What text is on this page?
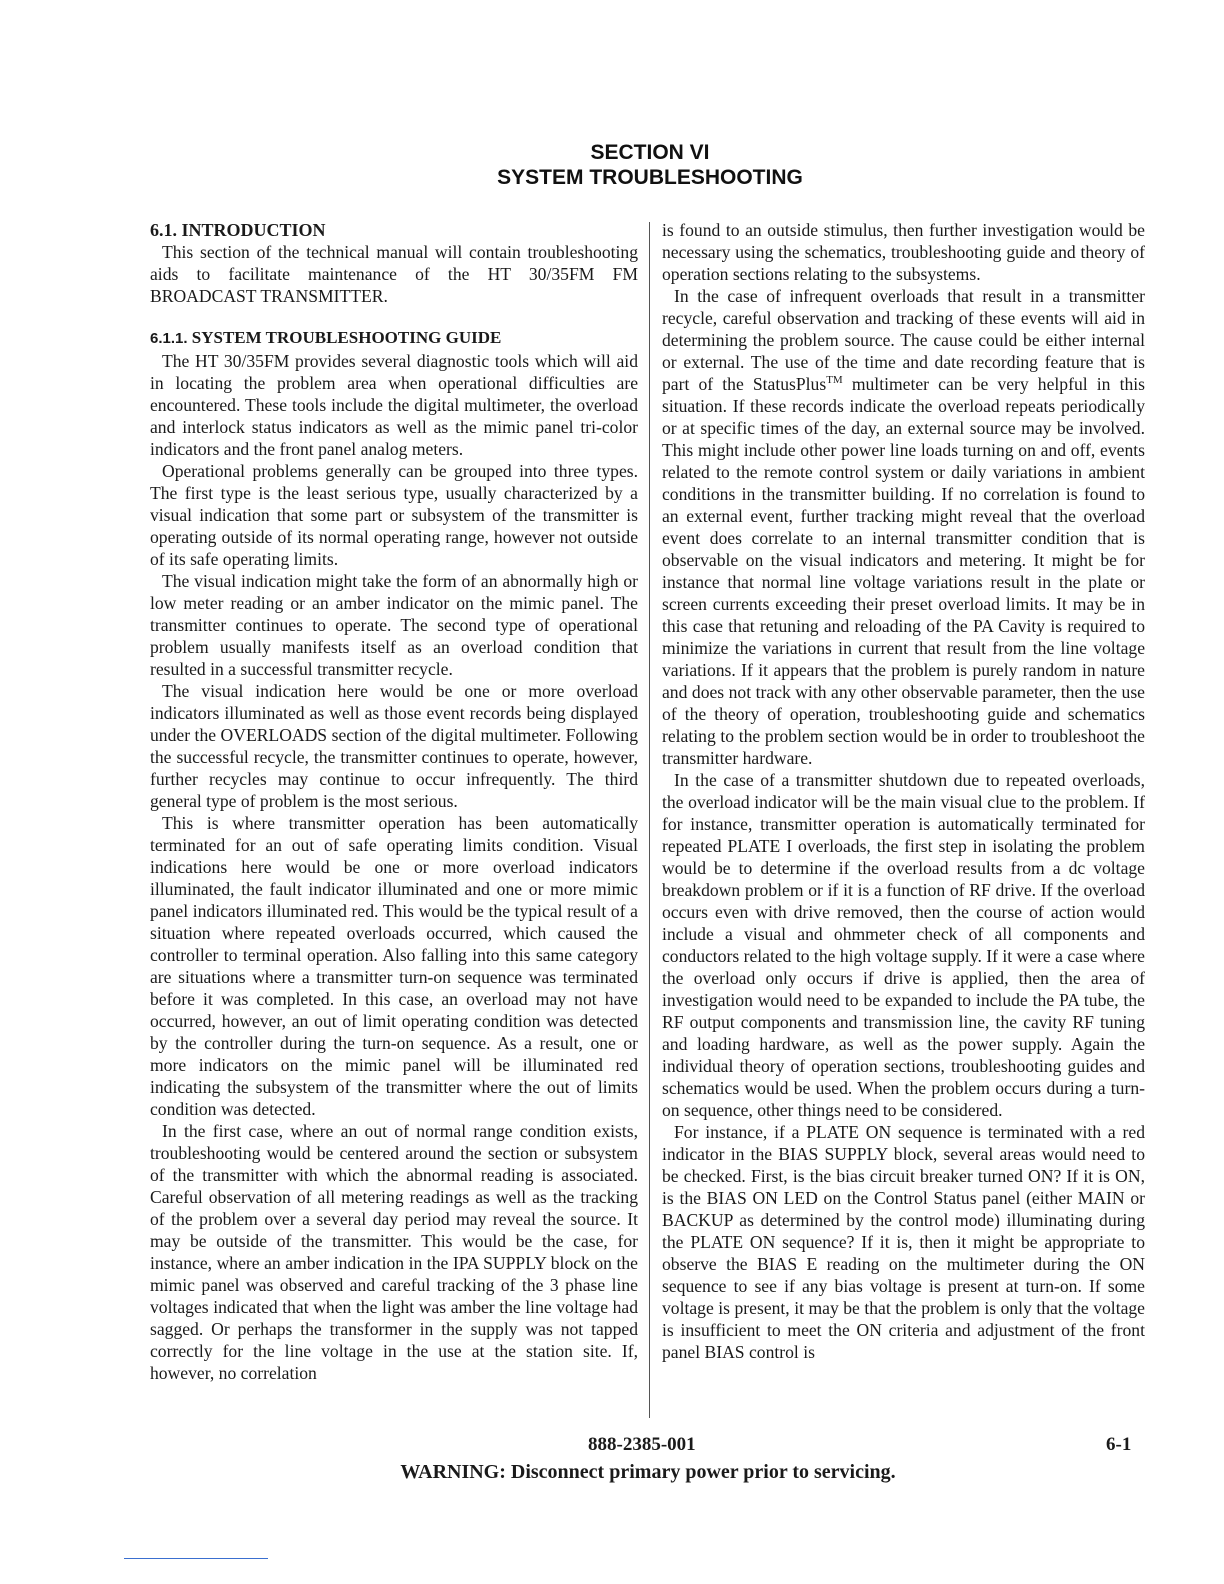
SECTION VI
SYSTEM TROUBLESHOOTING
6.1. INTRODUCTION

This section of the technical manual will contain troubleshooting aids to facilitate maintenance of the HT 30/35FM FM BROADCAST TRANSMITTER.

6.1.1. SYSTEM TROUBLESHOOTING GUIDE

The HT 30/35FM provides several diagnostic tools which will aid in locating the problem area when operational difficulties are encountered. These tools include the digital multimeter, the overload and interlock status indicators as well as the mimic panel tri-color indicators and the front panel analog meters.

Operational problems generally can be grouped into three types. The first type is the least serious type, usually characterized by a visual indication that some part or subsystem of the transmitter is operating outside of its normal operating range, however not outside of its safe operating limits.

The visual indication might take the form of an abnormally high or low meter reading or an amber indicator on the mimic panel. The transmitter continues to operate. The second type of operational problem usually manifests itself as an overload condition that resulted in a successful transmitter recycle.

The visual indication here would be one or more overload indicators illuminated as well as those event records being displayed under the OVERLOADS section of the digital multimeter. Following the successful recycle, the transmitter continues to operate, however, further recycles may continue to occur infrequently. The third general type of problem is the most serious.

This is where transmitter operation has been automatically terminated for an out of safe operating limits condition. Visual indications here would be one or more overload indicators illuminated, the fault indicator illuminated and one or more mimic panel indicators illuminated red. This would be the typical result of a situation where repeated overloads occurred, which caused the controller to terminal operation. Also falling into this same category are situations where a transmitter turn-on sequence was terminated before it was completed. In this case, an overload may not have occurred, however, an out of limit operating condition was detected by the controller during the turn-on sequence. As a result, one or more indicators on the mimic panel will be illuminated red indicating the subsystem of the transmitter where the out of limits condition was detected.

In the first case, where an out of normal range condition exists, troubleshooting would be centered around the section or subsystem of the transmitter with which the abnormal reading is associated. Careful observation of all metering readings as well as the tracking of the problem over a several day period may reveal the source. It may be outside of the transmitter. This would be the case, for instance, where an amber indication in the IPA SUPPLY block on the mimic panel was observed and careful tracking of the 3 phase line voltages indicated that when the light was amber the line voltage had sagged. Or perhaps the transformer in the supply was not tapped correctly for the line voltage in the use at the station site. If, however, no correlation

is found to an outside stimulus, then further investigation would be necessary using the schematics, troubleshooting guide and theory of operation sections relating to the subsystems.

In the case of infrequent overloads that result in a transmitter recycle, careful observation and tracking of these events will aid in determining the problem source. The cause could be either internal or external. The use of the time and date recording feature that is part of the StatusPlus™ multimeter can be very helpful in this situation. If these records indicate the overload repeats periodically or at specific times of the day, an external source may be involved. This might include other power line loads turning on and off, events related to the remote control system or daily variations in ambient conditions in the transmitter building. If no correlation is found to an external event, further tracking might reveal that the overload event does correlate to an internal transmitter condition that is observable on the visual indicators and metering. It might be for instance that normal line voltage variations result in the plate or screen currents exceeding their preset overload limits. It may be in this case that retuning and reloading of the PA Cavity is required to minimize the variations in current that result from the line voltage variations. If it appears that the problem is purely random in nature and does not track with any other observable parameter, then the use of the theory of operation, troubleshooting guide and schematics relating to the problem section would be in order to troubleshoot the transmitter hardware.

In the case of a transmitter shutdown due to repeated overloads, the overload indicator will be the main visual clue to the problem. If for instance, transmitter operation is automatically terminated for repeated PLATE I overloads, the first step in isolating the problem would be to determine if the overload results from a dc voltage breakdown problem or if it is a function of RF drive. If the overload occurs even with drive removed, then the course of action would include a visual and ohmmeter check of all components and conductors related to the high voltage supply. If it were a case where the overload only occurs if drive is applied, then the area of investigation would need to be expanded to include the PA tube, the RF output components and transmission line, the cavity RF tuning and loading hardware, as well as the power supply. Again the individual theory of operation sections, troubleshooting guides and schematics would be used. When the problem occurs during a turn-on sequence, other things need to be considered.

For instance, if a PLATE ON sequence is terminated with a red indicator in the BIAS SUPPLY block, several areas would need to be checked. First, is the bias circuit breaker turned ON? If it is ON, is the BIAS ON LED on the Control Status panel (either MAIN or BACKUP as determined by the control mode) illuminating during the PLATE ON sequence? If it is, then it might be appropriate to observe the BIAS E reading on the multimeter during the ON sequence to see if any bias voltage is present at turn-on. If some voltage is present, it may be that the problem is only that the voltage is insufficient to meet the ON criteria and adjustment of the front panel BIAS control is

888-2385-001	6-1
WARNING: Disconnect primary power prior to servicing.
